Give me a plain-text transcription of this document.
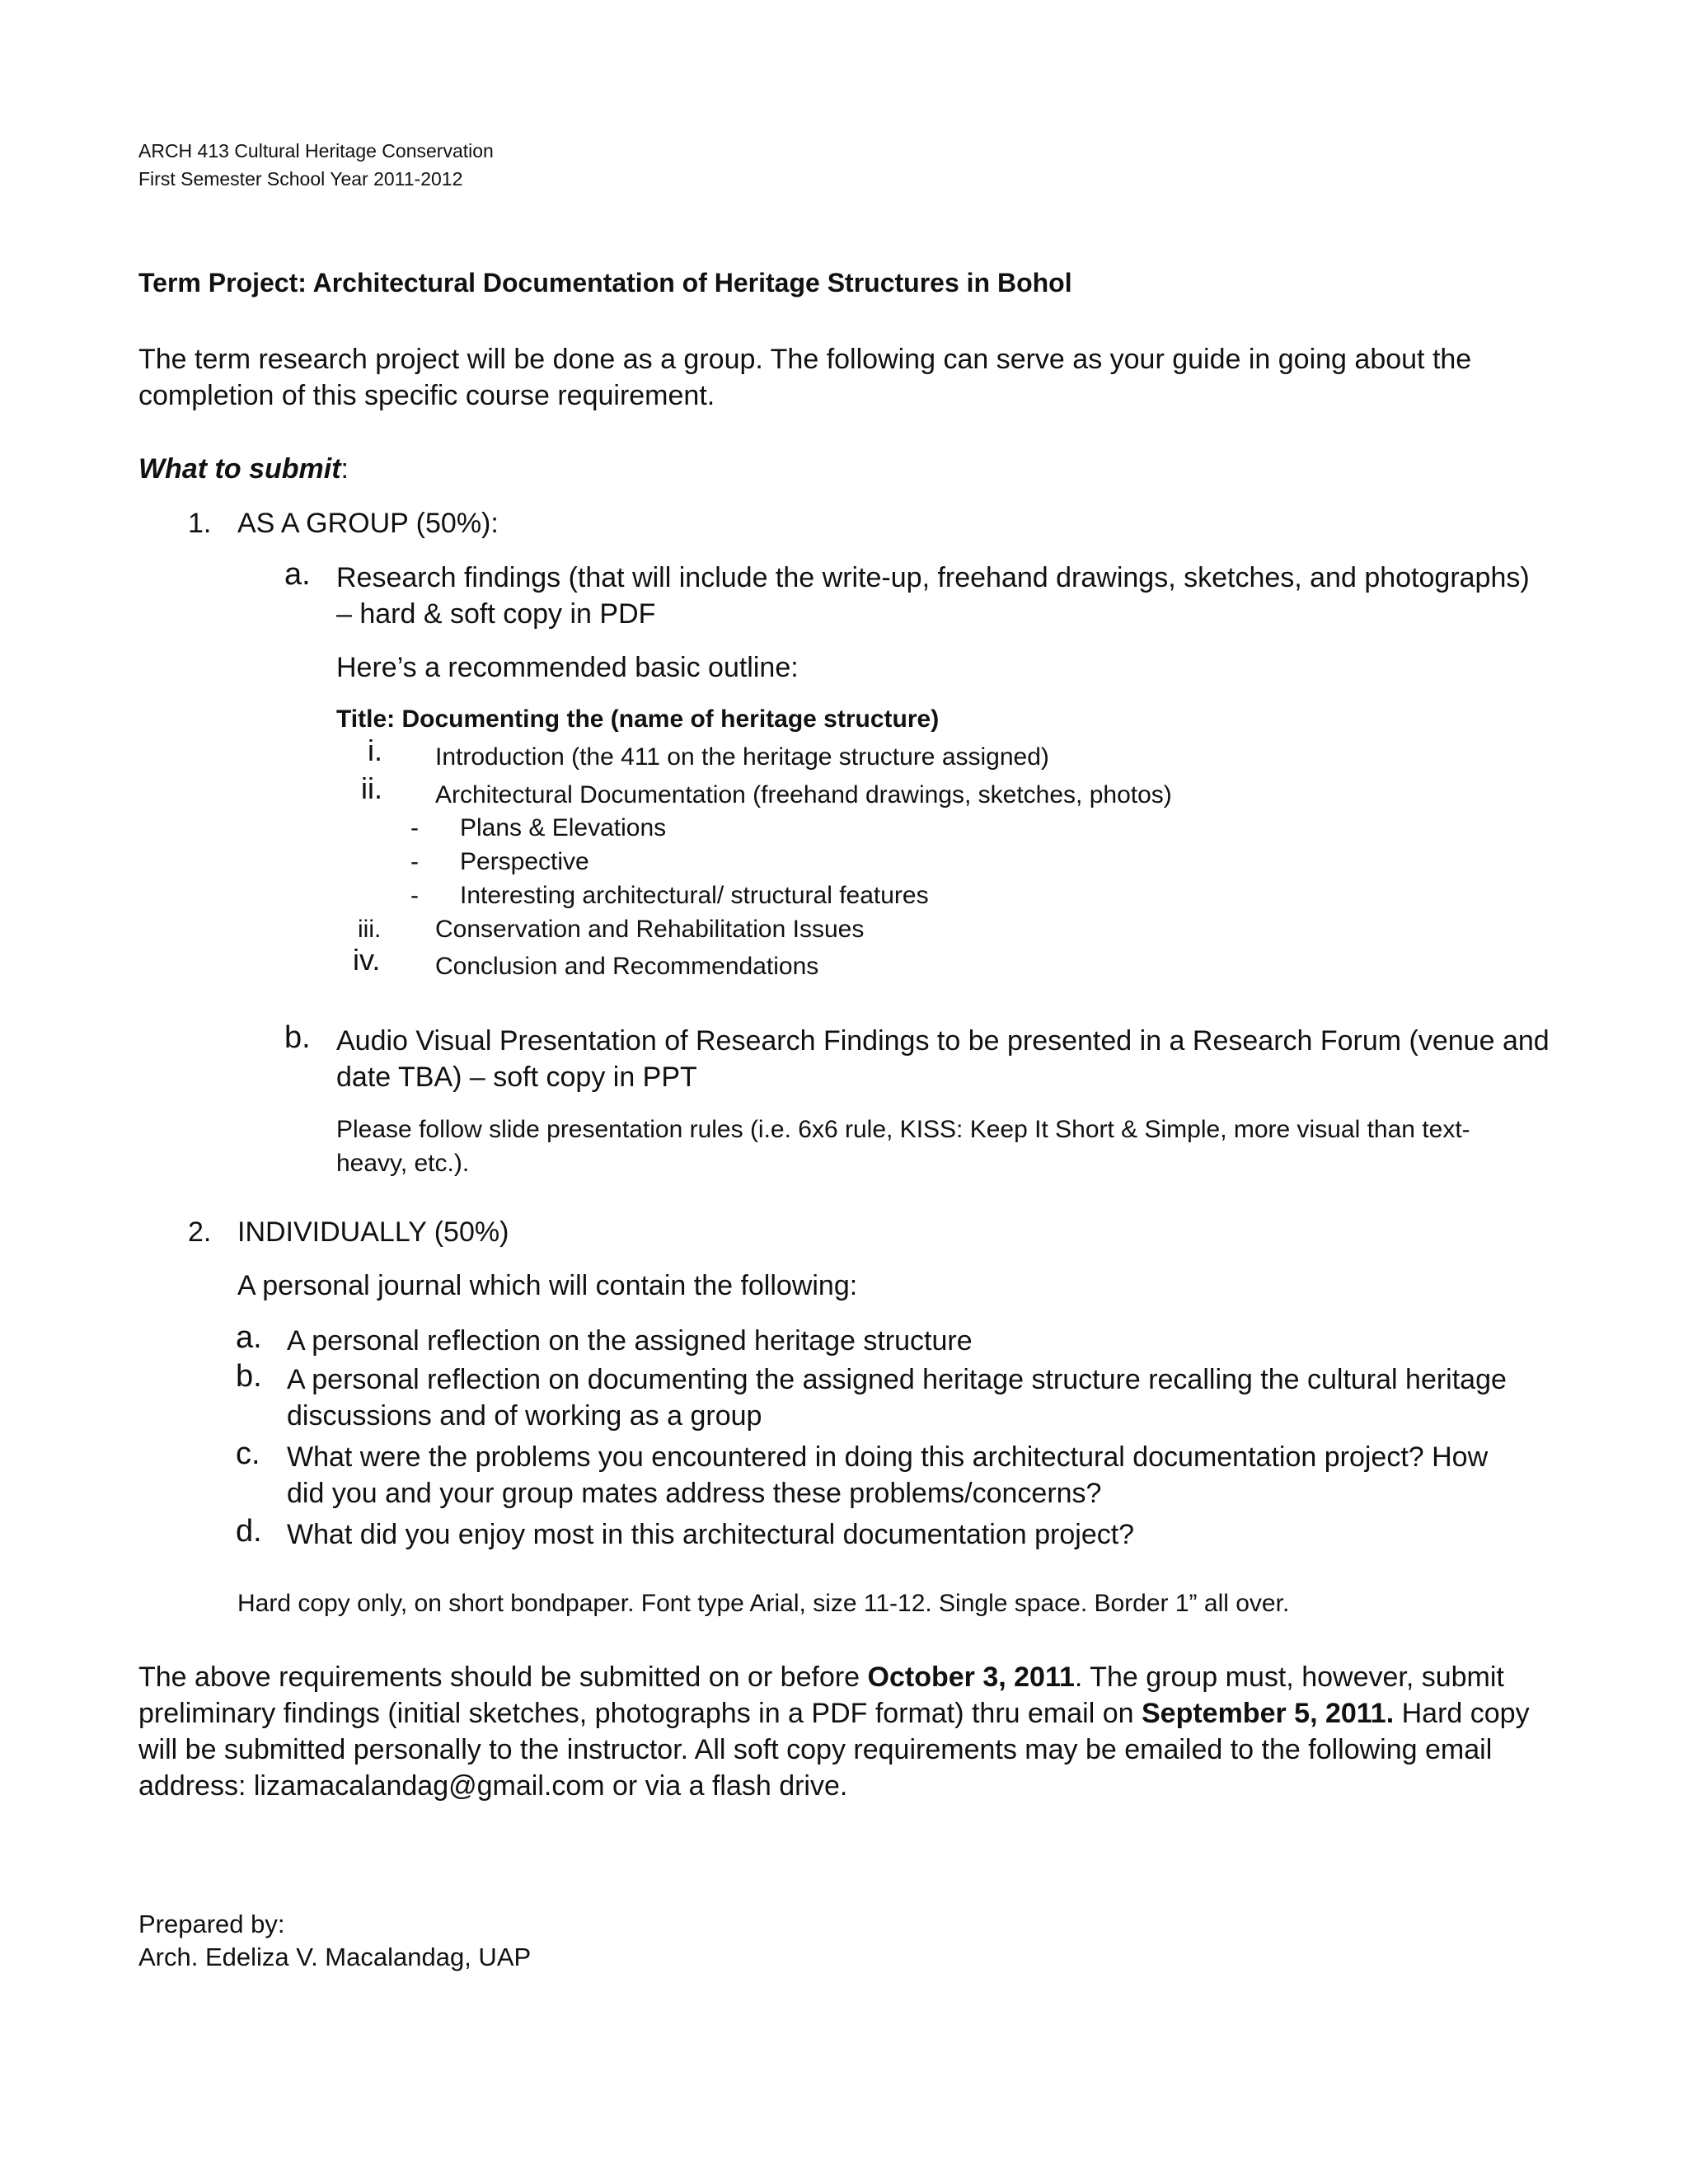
ARCH 413 Cultural Heritage Conservation
First Semester School Year 2011-2012
Term Project: Architectural Documentation of Heritage Structures in Bohol
The term research project will be done as a group. The following can serve as your guide in going about the
completion of this specific course requirement.
What to submit:
1. AS A GROUP (50%):
a. Research findings (that will include the write-up, freehand drawings, sketches, and photographs)
– hard & soft copy in PDF
Here’s a recommended basic outline:
Title: Documenting the (name of heritage structure)
i. Introduction (the 411 on the heritage structure assigned)
ii. Architectural Documentation (freehand drawings, sketches, photos)
- Plans & Elevations
- Perspective
- Interesting architectural/ structural features
iii. Conservation and Rehabilitation Issues
iv. Conclusion and Recommendations
b. Audio Visual Presentation of Research Findings to be presented in a Research Forum (venue and
date TBA) – soft copy in PPT
Please follow slide presentation rules (i.e. 6x6 rule, KISS: Keep It Short & Simple, more visual than text-
heavy, etc.).
2. INDIVIDUALLY (50%)
A personal journal which will contain the following:
a. A personal reflection on the assigned heritage structure
b. A personal reflection on documenting the assigned heritage structure recalling the cultural heritage
discussions and of working as a group
c. What were the problems you encountered in doing this architectural documentation project? How
did you and your group mates address these problems/concerns?
d. What did you enjoy most in this architectural documentation project?
Hard copy only, on short bondpaper. Font type Arial, size 11-12. Single space. Border 1” all over.
The above requirements should be submitted on or before October 3, 2011. The group must, however, submit
preliminary findings (initial sketches, photographs in a PDF format) thru email on September 5, 2011. Hard copy
will be submitted personally to the instructor. All soft copy requirements may be emailed to the following email
address: lizamacalandag@gmail.com or via a flash drive.
Prepared by:
Arch. Edeliza V. Macalandag, UAP
